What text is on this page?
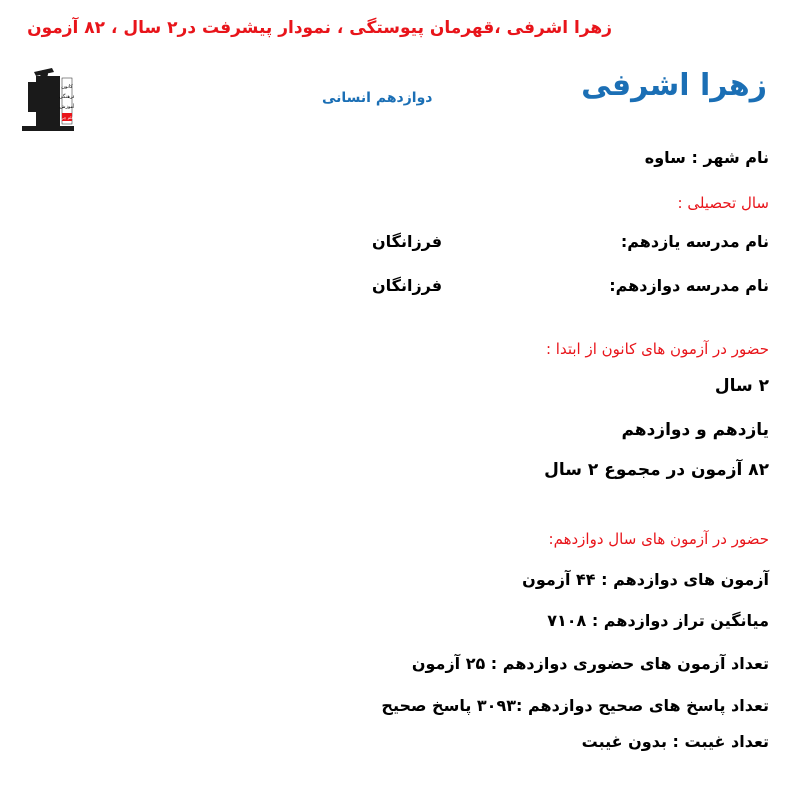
زهرا اشرفی ،قهرمان پیوستگی ، نمودار پیشرفت در۲ سال ، ۸۲ آزمون
کانون
فرهنگی
آموزش
قلم چی
زهرا اشرفی
دوازدهم انسانی
نام شهر : ساوه
سال تحصیلی :
نام مدرسه یازدهم:
فرزانگان
نام مدرسه دوازدهم:
فرزانگان
حضور در آزمون های کانون از ابتدا :
۲ سال
یازدهم و دوازدهم
۸۲ آزمون در مجموع ۲ سال
حضور در آزمون های سال دوازدهم:
آزمون های دوازدهم : ۴۴ آزمون
میانگین تراز دوازدهم : ۷۱۰۸
تعداد آزمون های حضوری دوازدهم : ۲۵ آزمون
تعداد پاسخ های صحیح دوازدهم :۳۰۹۳ پاسخ صحیح
تعداد غیبت : بدون غیبت
